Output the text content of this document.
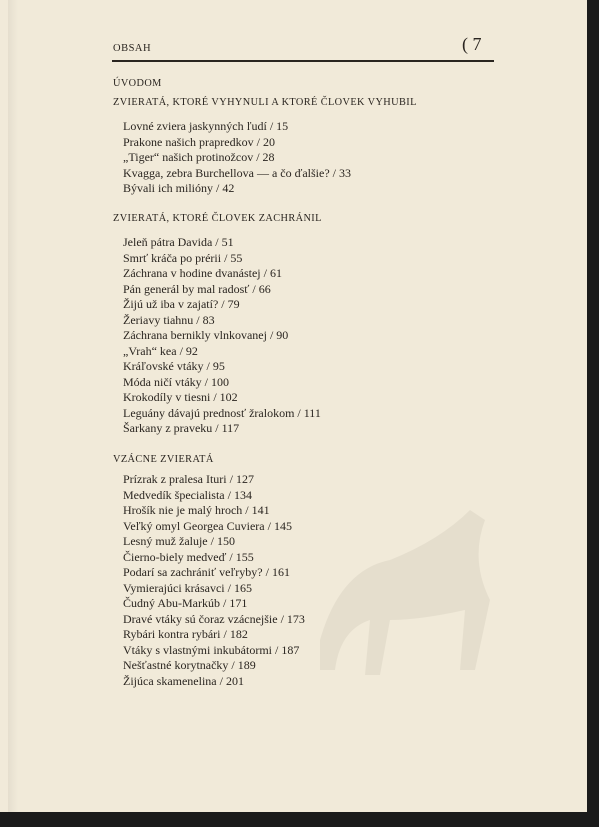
OBSAH	( 7
ÚVODOM
ZVIERATÁ, KTORÉ VYHYNULI A KTORÉ ČLOVEK VYHUBIL
Lovné zviera jaskynných ľudí / 15
Prakone našich prapredkov / 20
„Tiger“ našich protinožcov / 28
Kvagga, zebra Burchellova — a čo ďalšie? / 33
Bývali ich milióny / 42
ZVIERATÁ, KTORÉ ČLOVEK ZACHRÁNIL
Jeleň pátra Davida / 51
Smrť kráča po prérii / 55
Záchrana v hodine dvanástej / 61
Pán generál by mal radosť / 66
Žijú už iba v zajatí? / 79
Žeriavy tiahnu / 83
Záchrana bernikly vlnkovanej / 90
„Vrah“ kea / 92
Kráľovské vtáky / 95
Móda ničí vtáky / 100
Krokodíly v tiesni / 102
Leguány dávajú prednosť žralokom / 111
Šarkany z praveku / 117
VZÁCNE ZVIERATÁ
Prízrak z pralesa Ituri / 127
Medvedík špecialista / 134
Hrošík nie je malý hroch / 141
Veľký omyl Georgea Cuviera / 145
Lesný muž žaluje / 150
Čierno-biely medveď / 155
Podarí sa zachrániť veľryby? / 161
Vymierajúci krásavci / 165
Čudný Abu-Markúb / 171
Dravé vtáky sú čoraz vzácnejšie / 173
Rybári kontra rybári / 182
Vtáky s vlastnými inkubátormi / 187
Nešťastné korytnačky / 189
Žijúca skamenelina / 201
